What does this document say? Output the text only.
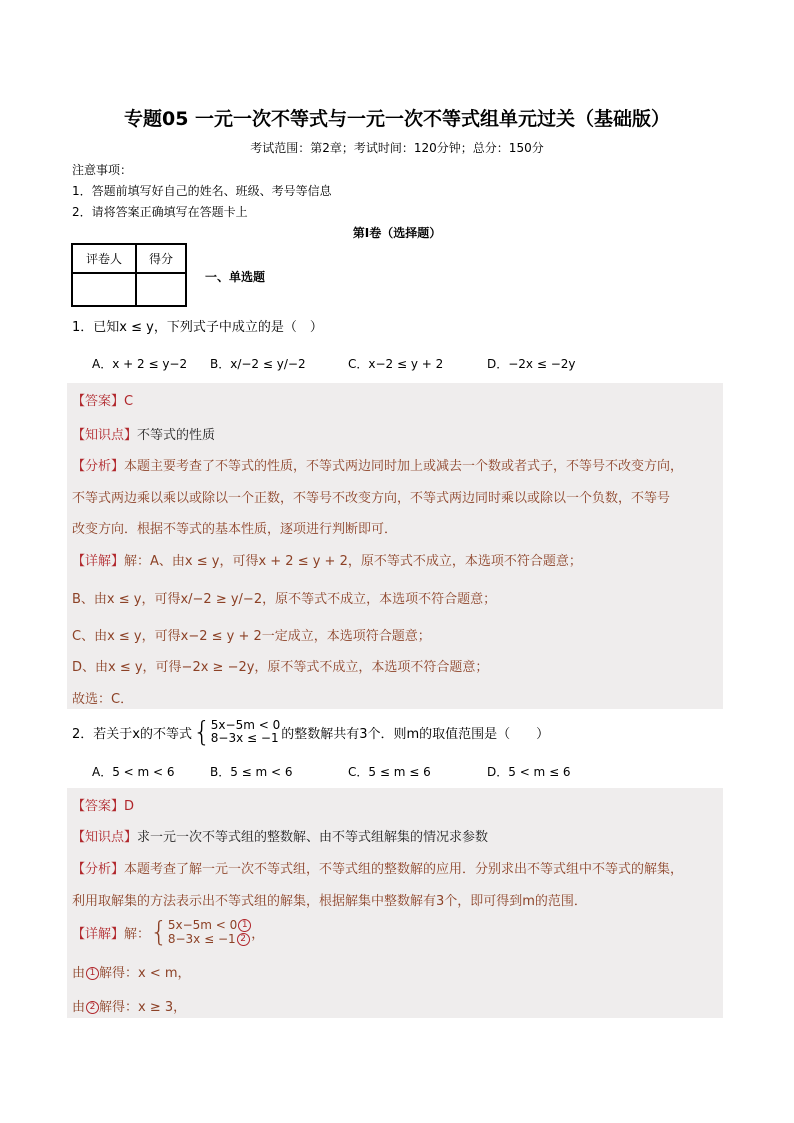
专题05 一元一次不等式与一元一次不等式组单元过关（基础版）
考试范围：第2章；考试时间：120分钟；总分：150分
注意事项：
1．答题前填写好自己的姓名、班级、考号等信息
2．请将答案正确填写在答题卡上
第I卷（选择题）
评卷人	得分

一、单选题
1．已知x ≤ y，下列式子中成立的是（　）
A．x + 2 ≤ y−2 B．x/−2 ≤ y/−2	C．x−2 ≤ y + 2	D．−2x ≤ −2y
【答案】C
【知识点】不等式的性质
【分析】本题主要考查了不等式的性质，不等式两边同时加上或减去一个数或者式子，不等号不改变方向，
不等式两边乘以乘以或除以一个正数，不等号不改变方向，不等式两边同时乘以或除以一个负数，不等号
改变方向．根据不等式的基本性质，逐项进行判断即可．
【详解】解：A、由x ≤ y，可得x + 2 ≤ y + 2，原不等式不成立，本选项不符合题意；
B、由x ≤ y，可得x/−2 ≥ y/−2，原不等式不成立，本选项不符合题意；
C、由x ≤ y，可得x−2 ≤ y + 2一定成立，本选项符合题意；
D、由x ≤ y，可得−2x ≥ −2y，原不等式不成立，本选项不符合题意；
故选：C．
2．若关于x的不等式 { 5x−5m < 0
8−3x ≤ −1 的整数解共有3个．则m的取值范围是（　　）
A．5 < m < 6	B．5 ≤ m < 6	C．5 ≤ m ≤ 6	D．5 < m ≤ 6
【答案】D
【知识点】求一元一次不等式组的整数解、由不等式组解集的情况求参数
【分析】本题考查了解一元一次不等式组，不等式组的整数解的应用．分别求出不等式组中不等式的解集，
利用取解集的方法表示出不等式组的解集，根据解集中整数解有3个，即可得到m的范围．
【详解】 解： { 5x−5m < 0 1
8−3x ≤ −1 2 ，
由 1 解得：x < m，
由 2 解得：x ≥ 3，
